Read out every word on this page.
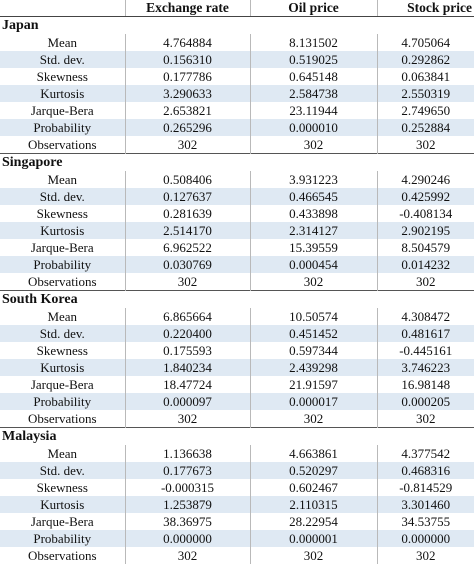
	Exchange rate	Oil price	Stock price
Japan			
Mean	4.764884	8.131502	4.705064
Std. dev.	0.156310	0.519025	0.292862
Skewness	0.177786	0.645148	0.063841
Kurtosis	3.290633	2.584738	2.550319
Jarque-Bera	2.653821	23.11944	2.749650
Probability	0.265296	0.000010	0.252884
Observations	302	302	302
Singapore			
Mean	0.508406	3.931223	4.290246
Std. dev.	0.127637	0.466545	0.425992
Skewness	0.281639	0.433898	-0.408134
Kurtosis	2.514170	2.314127	2.902195
Jarque-Bera	6.962522	15.39559	8.504579
Probability	0.030769	0.000454	0.014232
Observations	302	302	302
South Korea			
Mean	6.865664	10.50574	4.308472
Std. dev.	0.220400	0.451452	0.481617
Skewness	0.175593	0.597344	-0.445161
Kurtosis	1.840234	2.439298	3.746223
Jarque-Bera	18.47724	21.91597	16.98148
Probability	0.000097	0.000017	0.000205
Observations	302	302	302
Malaysia			
Mean	1.136638	4.663861	4.377542
Std. dev.	0.177673	0.520297	0.468316
Skewness	-0.000315	0.602467	-0.814529
Kurtosis	1.253879	2.110315	3.301460
Jarque-Bera	38.36975	28.22954	34.53755
Probability	0.000000	0.000001	0.000000
Observations	302	302	302
